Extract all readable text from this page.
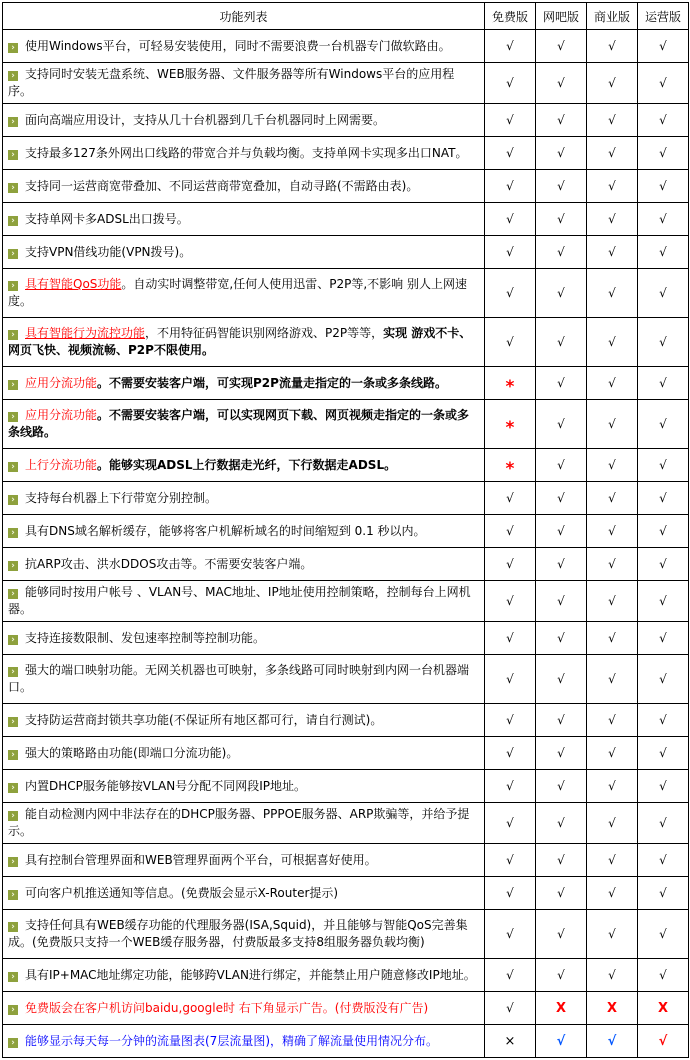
功能列表	免费版	网吧版	商业版	运营版
› 使用Windows平台，可轻易安装使用，同时不需要浪费一台机器专门做软路由。	√	√	√	√
› 支持同时安装无盘系统、WEB服务器、文件服务器等所有Windows平台的应用程序。	√	√	√	√
› 面向高端应用设计，支持从几十台机器到几千台机器同时上网需要。	√	√	√	√
› 支持最多127条外网出口线路的带宽合并与负载均衡。支持单网卡实现多出口NAT。	√	√	√	√
› 支持同一运营商宽带叠加、不同运营商带宽叠加，自动寻路(不需路由表)。	√	√	√	√
› 支持单网卡多ADSL出口拨号。	√	√	√	√
› 支持VPN借线功能(VPN拨号)。	√	√	√	√
› 具有智能QoS功能。自动实时调整带宽,任何人使用迅雷、P2P等,不影响 别人上网速度。	√	√	√	√
› 具有智能行为流控功能，不用特征码智能识别网络游戏、P2P等等，实现 游戏不卡、网页飞快、视频流畅、P2P不限使用。	√	√	√	√
› 应用分流功能。不需要安装客户端，可实现P2P流量走指定的一条或多条线路。	*	√	√	√
› 应用分流功能。不需要安装客户端，可以实现网页下载、网页视频走指定的一条或多条线路。	*	√	√	√
› 上行分流功能。能够实现ADSL上行数据走光纤，下行数据走ADSL。	*	√	√	√
› 支持每台机器上下行带宽分别控制。	√	√	√	√
› 具有DNS域名解析缓存，能够将客户机解析域名的时间缩短到 0.1 秒以内。	√	√	√	√
› 抗ARP攻击、洪水DDOS攻击等。不需要安装客户端。	√	√	√	√
› 能够同时按用户帐号 、VLAN号、MAC地址、IP地址使用控制策略，控制每台上网机器。	√	√	√	√
› 支持连接数限制、发包速率控制等控制功能。	√	√	√	√
› 强大的端口映射功能。无网关机器也可映射，多条线路可同时映射到内网一台机器端口。	√	√	√	√
› 支持防运营商封锁共享功能(不保证所有地区都可行，请自行测试)。	√	√	√	√
› 强大的策略路由功能(即端口分流功能)。	√	√	√	√
› 内置DHCP服务能够按VLAN号分配不同网段IP地址。	√	√	√	√
› 能自动检测内网中非法存在的DHCP服务器、PPPOE服务器、ARP欺骗等，并给予提示。	√	√	√	√
› 具有控制台管理界面和WEB管理界面两个平台，可根据喜好使用。	√	√	√	√
› 可向客户机推送通知等信息。(免费版会显示X-Router提示)	√	√	√	√
› 支持任何具有WEB缓存功能的代理服务器(ISA,Squid)，并且能够与智能QoS完善集成。(免费版只支持一个WEB缓存服务器，付费版最多支持8组服务器负载均衡)	√	√	√	√
› 具有IP+MAC地址绑定功能，能够跨VLAN进行绑定，并能禁止用户随意修改IP地址。	√	√	√	√
› 免费版会在客户机访问baidu,google时 右下角显示广告。(付费版没有广告)	√	X	X	X
› 能够显示每天每一分钟的流量图表(7层流量图)，精确了解流量使用情况分布。	×	√	√	√
